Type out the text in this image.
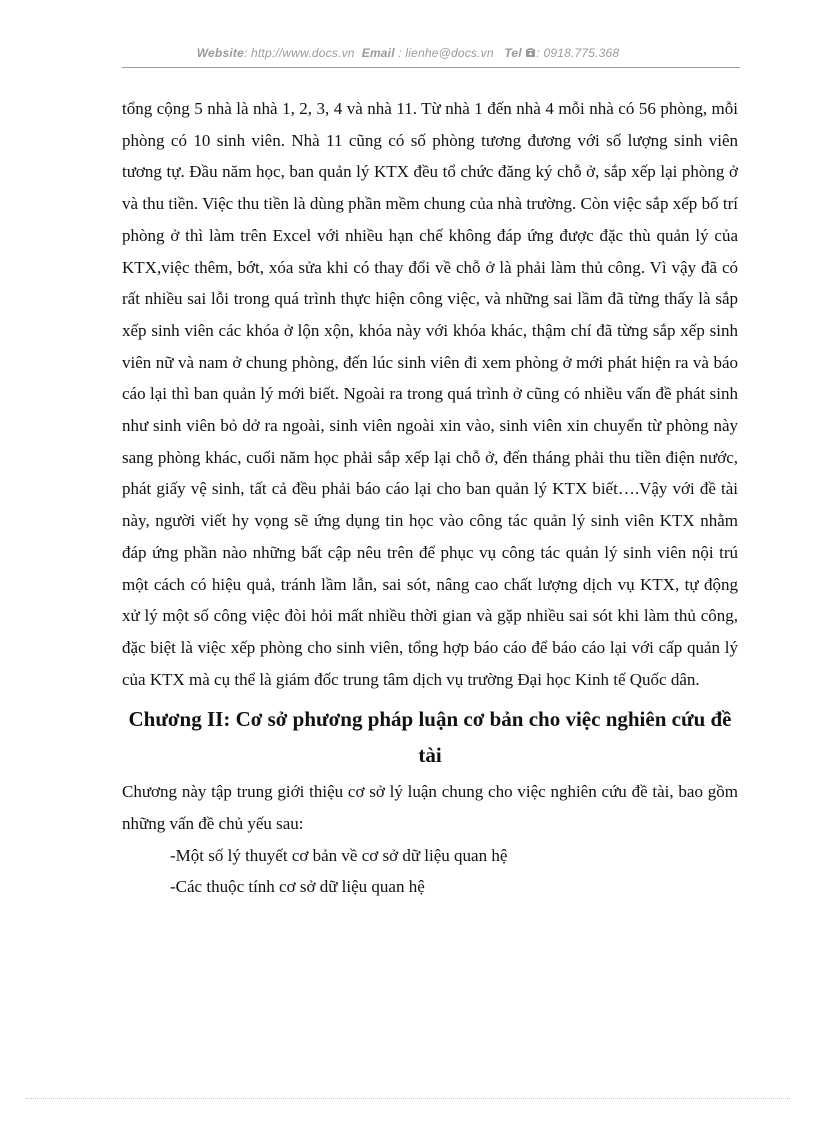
Website: http://www.docs.vn Email : lienhe@docs.vn Tel : 0918.775.368

tổng cộng 5 nhà là nhà 1, 2, 3, 4 và nhà 11. Từ nhà 1 đến nhà 4 mỗi nhà có 56 phòng, mỗi phòng có 10 sinh viên. Nhà 11 cũng có số phòng tương đương với số lượng sinh viên tương tự. Đầu năm học, ban quản lý KTX đều tổ chức đăng ký chỗ ở, sắp xếp lại phòng ở và thu tiền. Việc thu tiền là dùng phần mềm chung của nhà trường. Còn việc sắp xếp bố trí phòng ở thì làm trên Excel với nhiều hạn chế không đáp ứng được đặc thù quản lý của KTX,việc thêm, bớt, xóa sửa khi có thay đổi về chỗ ở là phải làm thủ công. Vì vậy đã có rất nhiều sai lỗi trong quá trình thực hiện công việc, và những sai lầm đã từng thấy là sắp xếp sinh viên các khóa ở lộn xộn, khóa này với khóa khác, thậm chí đã từng sắp xếp sinh viên nữ và nam ở chung phòng, đến lúc sinh viên đi xem phòng ở mới phát hiện ra và báo cáo lại thì ban quản lý mới biết. Ngoài ra trong quá trình ở cũng có nhiều vấn đề phát sinh như sinh viên bỏ dở ra ngoài, sinh viên ngoài xin vào, sinh viên xin chuyển từ phòng này sang phòng khác, cuối năm học phải sắp xếp lại chỗ ở, đến tháng phải thu tiền điện nước, phát giấy vệ sinh, tất cả đều phải báo cáo lại cho ban quản lý KTX biết….Vậy với đề tài này, người viết hy vọng sẽ ứng dụng tin học vào công tác quản lý sinh viên KTX nhằm đáp ứng phần nào những bất cập nêu trên để phục vụ công tác quản lý sinh viên nội trú một cách có hiệu quả, tránh lầm lẫn, sai sót, nâng cao chất lượng dịch vụ KTX, tự động xử lý một số công việc đòi hỏi mất nhiều thời gian và gặp nhiều sai sót khi làm thủ công, đặc biệt là việc xếp phòng cho sinh viên, tổng hợp báo cáo để báo cáo lại với cấp quản lý của KTX mà cụ thể là giám đốc trung tâm dịch vụ trường Đại học Kinh tế Quốc dân.

Chương II: Cơ sở phương pháp luận cơ bản cho việc nghiên cứu đề tài

Chương này tập trung giới thiệu cơ sở lý luận chung cho việc nghiên cứu đề tài, bao gồm những vấn đề chủ yếu sau:

-Một số lý thuyết cơ bản về cơ sở dữ liệu quan hệ
-Các thuộc tính cơ sở dữ liệu quan hệ
